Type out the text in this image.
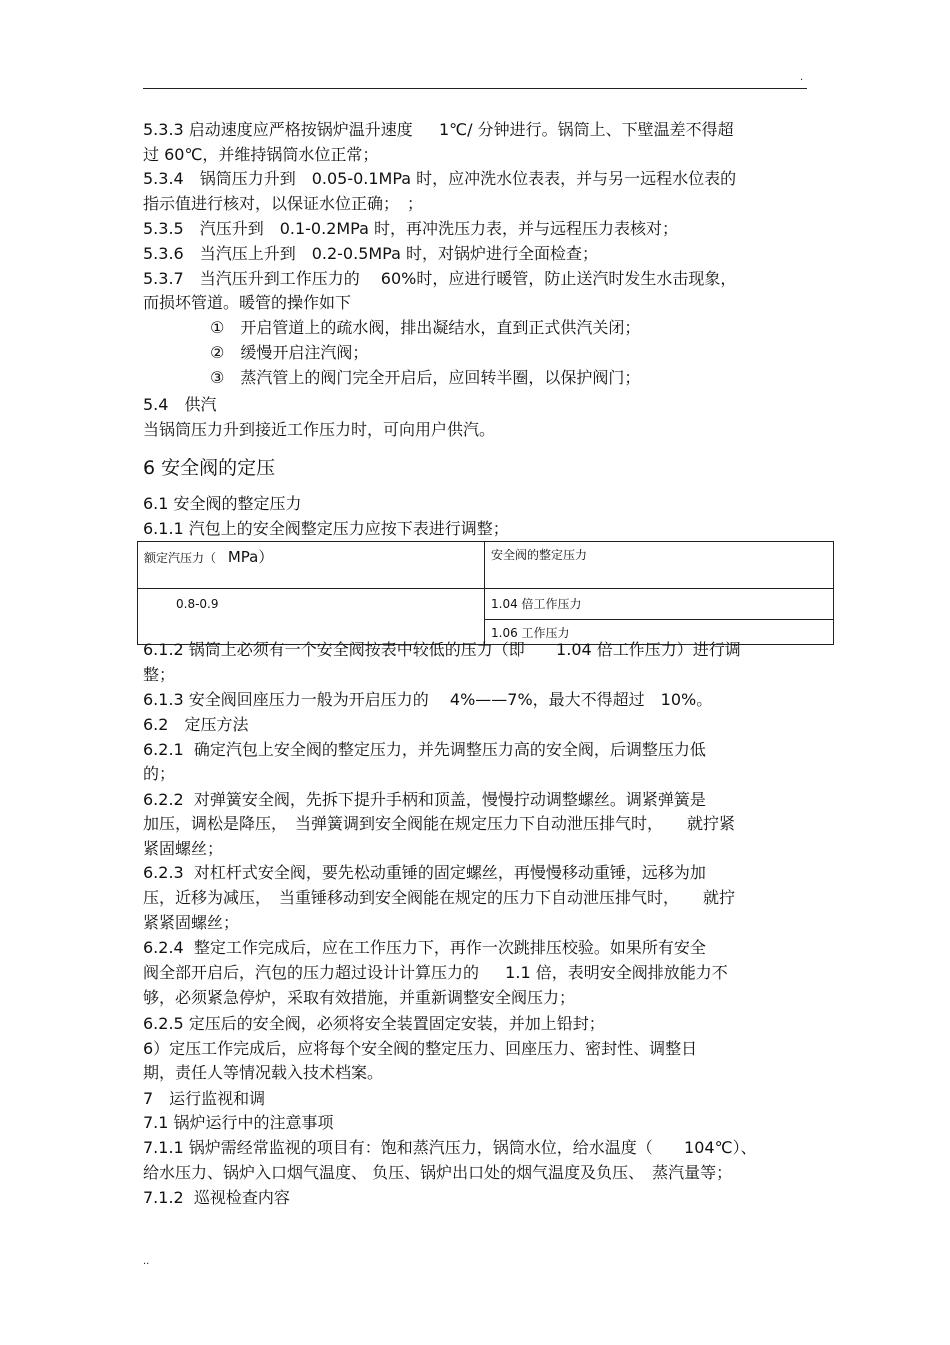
.
5.3.3 启动速度应严格按锅炉温升速度　  1℃/ 分钟进行。锅筒上、下壁温差不得超
过 60℃，并维持锅筒水位正常；
5.3.4　锅筒压力升到　0.05-0.1MPa 时，应冲洗水位表表，并与另一远程水位表的
指示值进行核对，以保证水位正确；　；
5.3.5　汽压升到　0.1-0.2MPa 时，再冲洗压力表，并与远程压力表核对；
5.3.6　当汽压上升到　0.2-0.5MPa 时，对锅炉进行全面检查；
5.3.7　当汽压升到工作压力的　 60%时，应进行暖管，防止送汽时发生水击现象，
而损坏管道。暖管的操作如下
①　开启管道上的疏水阀，排出凝结水，直到正式供汽关闭；
②　缓慢开启注汽阀；
③　蒸汽管上的阀门完全开启后，应回转半圈，以保护阀门；
5.4　供汽
当锅筒压力升到接近工作压力时，可向用户供汽。
6 安全阀的定压
6.1 安全阀的整定压力
6.1.1 汽包上的安全阀整定压力应按下表进行调整；
额定汽压力（ MPa）	安全阀的整定压力
0.8-0.9	1.04 倍工作压力
	1.06 工作压力
6.1.2 锅筒上必须有一个安全阀按表中较低的压力（即　   1.04 倍工作压力）进行调
整；
6.1.3 安全阀回座压力一般为开启压力的　 4%——7%，最大不得超过　10%。
6.2　定压方法
6.2.1  确定汽包上安全阀的整定压力，并先调整压力高的安全阀，后调整压力低
的；
6.2.2  对弹簧安全阀，先拆下提升手柄和顶盖，慢慢拧动调整螺丝。调紧弹簧是
加压，调松是降压，　当弹簧调到安全阀能在规定压力下自动泄压排气时，　　就拧紧
紧固螺丝；
6.2.3  对杠杆式安全阀，要先松动重锤的固定螺丝，再慢慢移动重锤，远移为加
压，近移为减压，　当重锤移动到安全阀能在规定的压力下自动泄压排气时，　　就拧
紧紧固螺丝；
6.2.4  整定工作完成后，应在工作压力下，再作一次跳排压校验。如果所有安全
阀全部开启后，汽包的压力超过设计计算压力的　  1.1 倍，表明安全阀排放能力不
够，必须紧急停炉，采取有效措施，并重新调整安全阀压力；
6.2.5 定压后的安全阀，必须将安全装置固定安装，并加上铅封；
6）定压工作完成后，应将每个安全阀的整定压力、回座压力、密封性、调整日
期，责任人等情况载入技术档案。
7　运行监视和调
7.1 锅炉运行中的注意事项
7.1.1 锅炉需经常监视的项目有：饱和蒸汽压力，锅筒水位，给水温度（　   104℃）、
给水压力、锅炉入口烟气温度、 负压、锅炉出口处的烟气温度及负压、　蒸汽量等；
7.1.2  巡视检查内容
..
